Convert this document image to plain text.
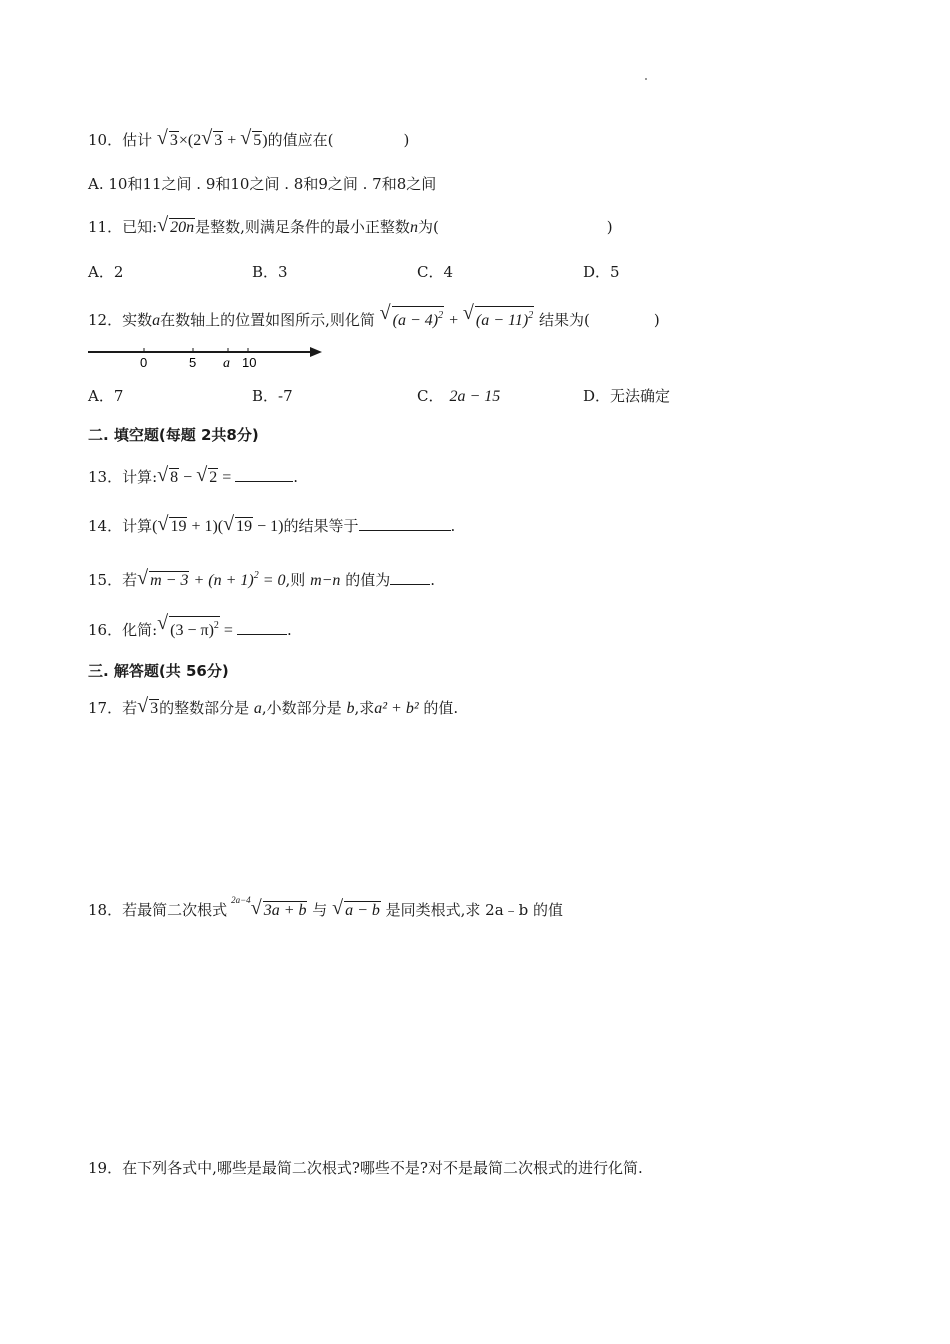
10．估计 √ 3×(2 √ 3 + √ 5)的值应在(	)
A. 10和11之间 . 9和10之间 . 8和9之间 . 7和8之间
11．已知: √ 20n是整数,则满足条件的最小正整数n为(	)
A．2	B．3	C．4	D．5
12．实数a在数轴上的位置如图所示,则化简 √ $(a - 4)^2$ + √ $(a - 11)^2$ 结果为(	)
0	5 a 10
A．7	B．-7	C． 2a − 15	D．无法确定
二. 填空题(每题 2共8分)
13．计算: √ 8 − √ 2 =	.
14．计算( √ 19 + 1)( √ 19 − 1)的结果等于	.
15．若 √ $m - 3 + (n + 1)^2 = 0$,则 m−n 的值为	.
16．化简: √ $(3 - \pi)^2$ =	.
三. 解答题(共 56分)
17．若 √ 3的整数部分是 a,小数部分是 b,求a² + b² 的值.
18．若最简二次根式$^{2a-4}$√ 3a + b 与 √ a − b 是同类根式,求 2a﹣b 的值
19．在下列各式中,哪些是最简二次根式?哪些不是?对不是最简二次根式的进行化简.
